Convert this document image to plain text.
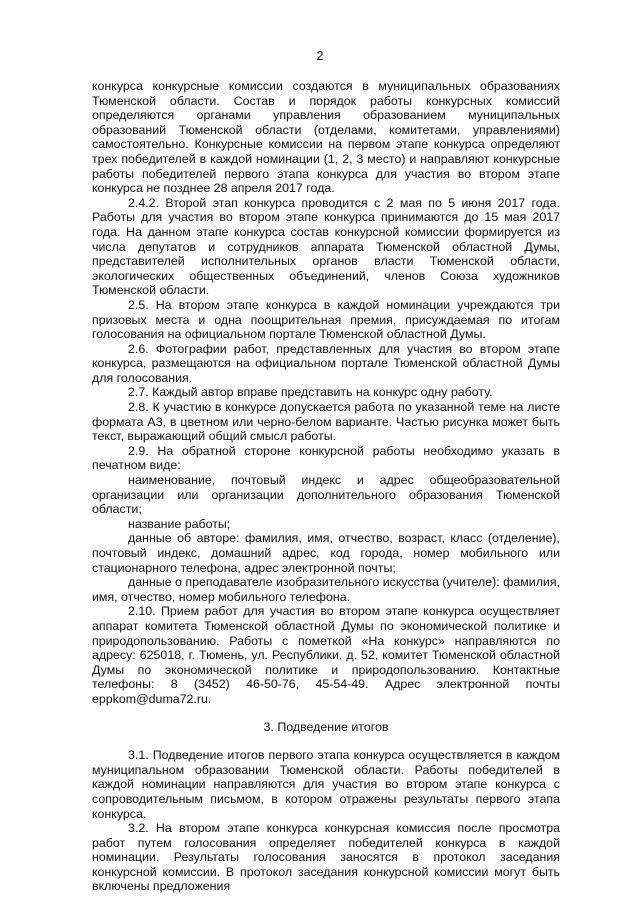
2

конкурса конкурсные комиссии создаются в муниципальных образованиях Тюменской области. Состав и порядок работы конкурсных комиссий определяются органами управления образованием муниципальных образований Тюменской области (отделами, комитетами, управлениями) самостоятельно. Конкурсные комиссии на первом этапе конкурса определяют трех победителей в каждой номинации (1, 2, 3 место) и направляют конкурсные работы победителей первого этапа конкурса для участия во втором этапе конкурса не позднее 28 апреля 2017 года.

2.4.2. Второй этап конкурса проводится с 2 мая по 5 июня 2017 года. Работы для участия во втором этапе конкурса принимаются до 15 мая 2017 года. На данном этапе конкурса состав конкурсной комиссии формируется из числа депутатов и сотрудников аппарата Тюменской областной Думы, представителей исполнительных органов власти Тюменской области, экологических общественных объединений, членов Союза художников Тюменской области.

2.5. На втором этапе конкурса в каждой номинации учреждаются три призовых места и одна поощрительная премия, присуждаемая по итогам голосования на официальном портале Тюменской областной Думы.

2.6. Фотографии работ, представленных для участия во втором этапе конкурса, размещаются на официальном портале Тюменской областной Думы для голосования.

2.7. Каждый автор вправе представить на конкурс одну работу.

2.8. К участию в конкурсе допускается работа по указанной теме на листе формата А3, в цветном или черно-белом варианте. Частью рисунка может быть текст, выражающий общий смысл работы.

2.9. На обратной стороне конкурсной работы необходимо указать в печатном виде:

наименование, почтовый индекс и адрес общеобразовательной организации или организации дополнительного образования Тюменской области;

название работы;

данные об авторе: фамилия, имя, отчество, возраст, класс (отделение), почтовый индекс, домашний адрес, код города, номер мобильного или стационарного телефона, адрес электронной почты;

данные о преподавателе изобразительного искусства (учителе): фамилия, имя, отчество, номер мобильного телефона.

2.10. Прием работ для участия во втором этапе конкурса осуществляет аппарат комитета Тюменской областной Думы по экономической политике и природопользованию. Работы с пометкой «На конкурс» направляются по адресу: 625018, г. Тюмень, ул. Республики, д. 52, комитет Тюменской областной Думы по экономической политике и природопользованию. Контактные телефоны: 8 (3452) 46-50-76, 45-54-49. Адрес электронной почты eppkom@duma72.ru.

3. Подведение итогов

3.1. Подведение итогов первого этапа конкурса осуществляется в каждом муниципальном образовании Тюменской области. Работы победителей в каждой номинации направляются для участия во втором этапе конкурса с сопроводительным письмом, в котором отражены результаты первого этапа конкурса.

3.2. На втором этапе конкурса конкурсная комиссия после просмотра работ путем голосования определяет победителей конкурса в каждой номинации. Результаты голосования заносятся в протокол заседания конкурсной комиссии. В протокол заседания конкурсной комиссии могут быть включены предложения
